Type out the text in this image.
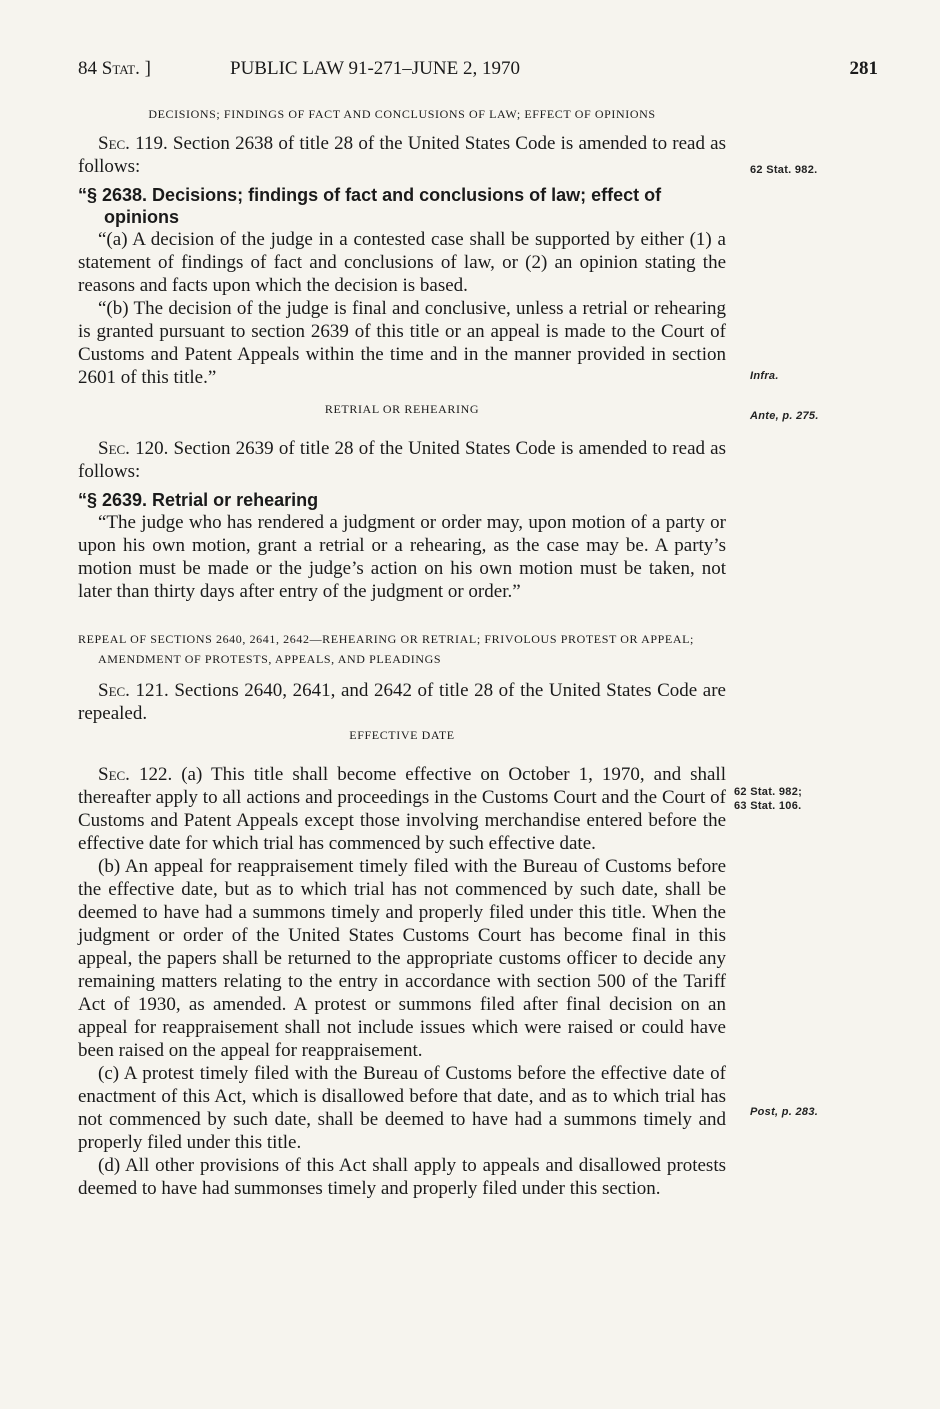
84 Stat. ]	PUBLIC LAW 91-271–JUNE 2, 1970	281
DECISIONS; FINDINGS OF FACT AND CONCLUSIONS OF LAW; EFFECT OF OPINIONS

Sec. 119. Section 2638 of title 28 of the United States Code is amended to read as follows:

“§ 2638. Decisions; findings of fact and conclusions of law; effect of opinions

“(a) A decision of the judge in a contested case shall be supported by either (1) a statement of findings of fact and conclusions of law, or (2) an opinion stating the reasons and facts upon which the decision is based.

“(b) The decision of the judge is final and conclusive, unless a retrial or rehearing is granted pursuant to section 2639 of this title or an appeal is made to the Court of Customs and Patent Appeals within the time and in the manner provided in section 2601 of this title.”

RETRIAL OR REHEARING

Sec. 120. Section 2639 of title 28 of the United States Code is amended to read as follows:

“§ 2639. Retrial or rehearing

“The judge who has rendered a judgment or order may, upon motion of a party or upon his own motion, grant a retrial or a rehearing, as the case may be. A party’s motion must be made or the judge’s action on his own motion must be taken, not later than thirty days after entry of the judgment or order.”

REPEAL OF SECTIONS 2640, 2641, 2642—REHEARING OR RETRIAL; FRIVOLOUS PROTEST OR APPEAL; AMENDMENT OF PROTESTS, APPEALS, AND PLEADINGS

Sec. 121. Sections 2640, 2641, and 2642 of title 28 of the United States Code are repealed.

EFFECTIVE DATE

Sec. 122. (a) This title shall become effective on October 1, 1970, and shall thereafter apply to all actions and proceedings in the Customs Court and the Court of Customs and Patent Appeals except those involving merchandise entered before the effective date for which trial has commenced by such effective date.

(b) An appeal for reappraisement timely filed with the Bureau of Customs before the effective date, but as to which trial has not commenced by such date, shall be deemed to have had a summons timely and properly filed under this title. When the judgment or order of the United States Customs Court has become final in this appeal, the papers shall be returned to the appropriate customs officer to decide any remaining matters relating to the entry in accordance with section 500 of the Tariff Act of 1930, as amended. A protest or summons filed after final decision on an appeal for reappraisement shall not include issues which were raised or could have been raised on the appeal for reappraisement.

(c) A protest timely filed with the Bureau of Customs before the effective date of enactment of this Act, which is disallowed before that date, and as to which trial has not commenced by such date, shall be deemed to have had a summons timely and properly filed under this title.

(d) All other provisions of this Act shall apply to appeals and disallowed protests deemed to have had summonses timely and properly filed under this section.

62 Stat. 982.
Infra.
Ante, p. 275.
62 Stat. 982;
63 Stat. 106.
Post, p. 283.
